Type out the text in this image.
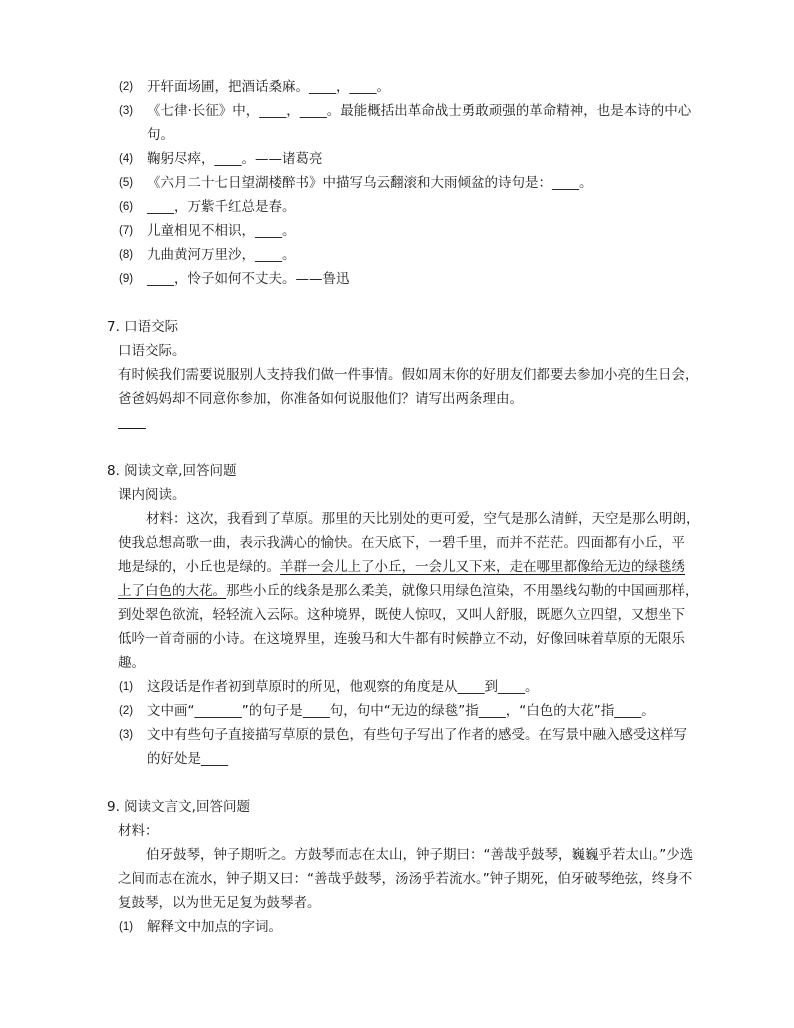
(2) 开轩面场圃，把酒话桑麻。____，____。
(3) 《七律·长征》中，____，____。最能概括出革命战士勇敢顽强的革命精神，也是本诗的中心
句。
(4) 鞠躬尽瘁，____。——诸葛亮
(5) 《六月二十七日望湖楼醉书》中描写乌云翻滚和大雨倾盆的诗句是：____。
(6) ____，万紫千红总是春。
(7) 儿童相见不相识，____。
(8) 九曲黄河万里沙，____。
(9) ____，怜子如何不丈夫。——鲁迅
7. 口语交际
口语交际。
有时候我们需要说服别人支持我们做一件事情。假如周末你的好朋友们都要去参加小亮的生日会，
爸爸妈妈却不同意你参加，你准备如何说服他们？请写出两条理由。
8. 阅读文章,回答问题
课内阅读。
材料：这次，我看到了草原。那里的天比别处的更可爱，空气是那么清鲜，天空是那么明朗，
使我总想高歌一曲，表示我满心的愉快。在天底下，一碧千里，而并不茫茫。四面都有小丘，平
地是绿的，小丘也是绿的。羊群一会儿上了小丘，一会儿又下来，走在哪里都像给无边的绿毯绣
上了白色的大花。那些小丘的线条是那么柔美，就像只用绿色渲染，不用墨线勾勒的中国画那样，
到处翠色欲流，轻轻流入云际。这种境界，既使人惊叹，又叫人舒服，既愿久立四望，又想坐下
低吟一首奇丽的小诗。在这境界里，连骏马和大牛都有时候静立不动，好像回味着草原的无限乐
趣。
(1) 这段话是作者初到草原时的所见，他观察的角度是从____到____。
(2) 文中画“_______”的句子是____句，句中“无边的绿毯”指____，“白色的大花”指____。
(3) 文中有些句子直接描写草原的景色，有些句子写出了作者的感受。在写景中融入感受这样写
的好处是____
9. 阅读文言文,回答问题
材料：
伯牙鼓琴，钟子期听之。方鼓琴而志在太山，钟子期曰：“善哉乎鼓琴，巍巍乎若太山。”少选
之间而志在流水，钟子期又曰：“善哉乎鼓琴，汤汤乎若流水。”钟子期死，伯牙破琴绝弦，终身不
复鼓琴，以为世无足复为鼓琴者。
(1) 解释文中加点的字词。
